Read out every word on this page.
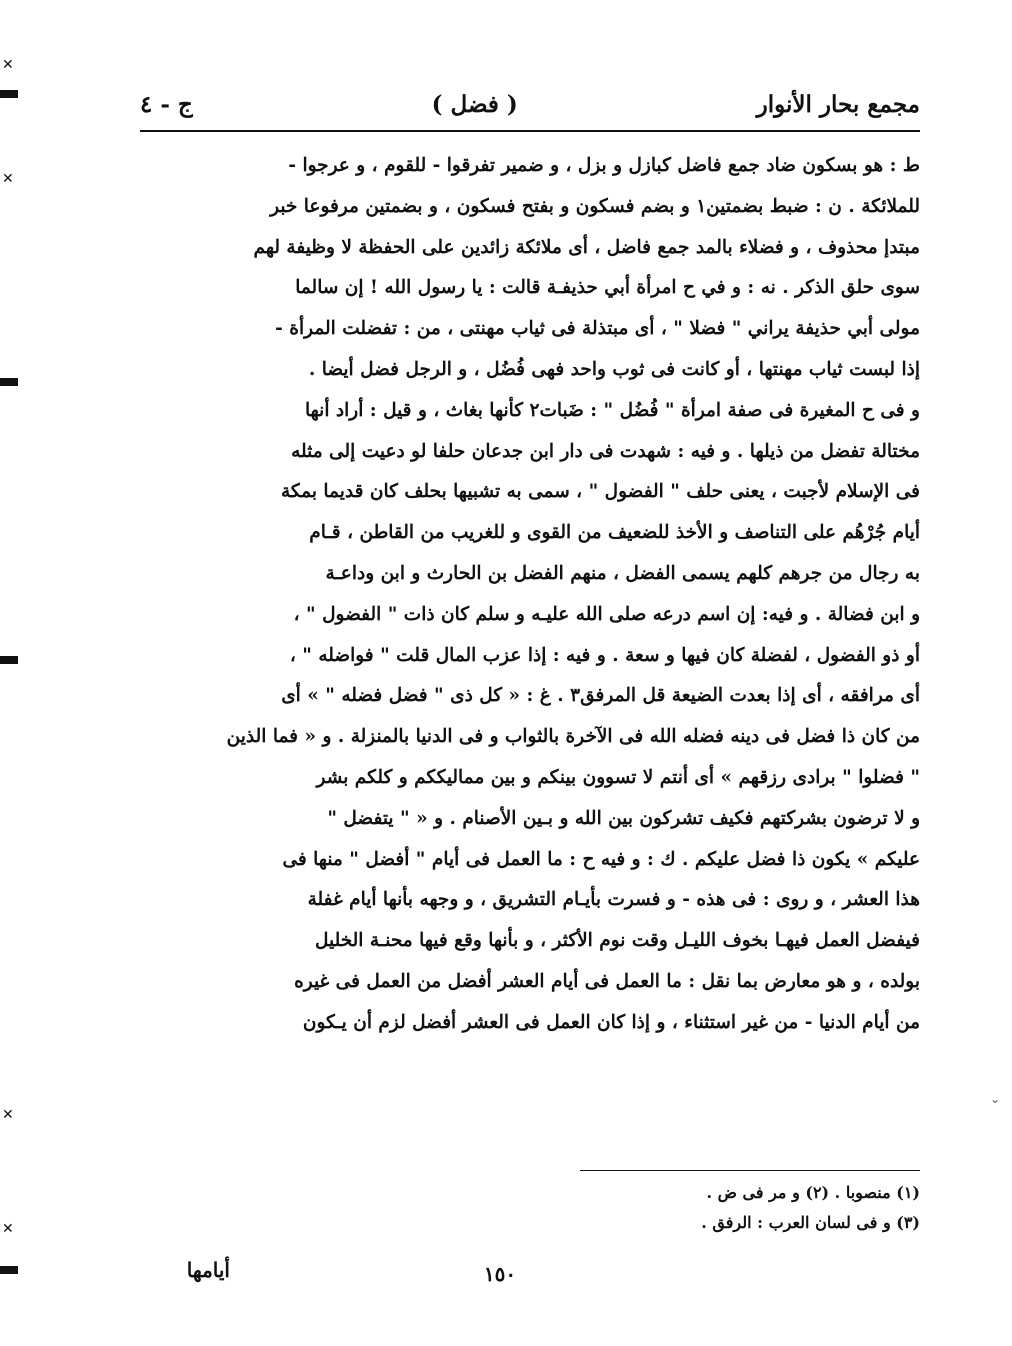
✕
✕
✕
✕
⌄
مجمع بحار الأنوار
( فضل )
ج - ٤
ط : هو بسكون ضاد جمع فاضل كبازل و بزل ، و ضمير تفرقوا - للقوم ، و عرجوا -
للملائكة . ن : ضبط بضمتين١ و بضم فسكون و بفتح فسكون ، و بضمتين مرفوعا خبر
مبتدإ محذوف ، و فضلاء بالمد جمع فاضل ، أى ملائكة زائدين على الحفظة لا وظيفة لهم
سوى حلق الذكر . نه : و في ح امرأة أبي حذيفـة قالت : يا رسول الله ! إن سالما
مولى أبي حذيفة يراني " فضلا " ، أى مبتذلة فى ثياب مهنتى ، من : تفضلت المرأة -
إذا لبست ثياب مهنتها ، أو كانت فى ثوب واحد فهى فُضُل ، و الرجل فضل أيضا .
و فى ح المغيرة فى صفة امرأة " فُضُل " : ضَبات٢ كأنها بغاث ، و قيل : أراد أنها
مختالة تفضل من ذيلها . و فيه : شهدت فى دار ابن جدعان حلفا لو دعيت إلى مثله
فى الإسلام لأجبت ، يعنى حلف " الفضول " ، سمى به تشبيها بحلف كان قديما بمكة
أيام جُرْهُم على التناصف و الأخذ للضعيف من القوى و للغريب من القاطن ، قـام
به رجال من جرهم كلهم يسمى الفضل ، منهم الفضل بن الحارث و ابن وداعـة
و ابن فضالة . و فيه: إن اسم درعه صلى الله عليـه و سلم كان ذات " الفضول " ،
أو ذو الفضول ، لفضلة كان فيها و سعة . و فيه : إذا عزب المال قلت " فواضله " ،
أى مرافقه ، أى إذا بعدت الضيعة قل المرفق٣ . غ : « كل ذى " فضل فضله " » أى
من كان ذا فضل فى دينه فضله الله فى الآخرة بالثواب و فى الدنيا بالمنزلة . و « فما الذين
" فضلوا " برادى رزقهم » أى أنتم لا تسوون بينكم و بين مماليككم و كلكم بشر
و لا ترضون بشركتهم فكيف تشركون بين الله و بـين الأصنام . و « " يتفضل "
عليكم » يكون ذا فضل عليكم . ك : و فيه ح : ما العمل فى أيام " أفضل " منها فى
هذا العشر ، و روى : فى هذه - و فسرت بأيـام التشريق ، و وجهه بأنها أيام غفلة
فيفضل العمل فيهـا بخوف الليـل وقت نوم الأكثر ، و بأنها وقع فيها محنـة الخليل
بولده ، و هو معارض بما نقل : ما العمل فى أيام العشر أفضل من العمل فى غيره
من أيام الدنيا - من غير استثناء ، و إذا كان العمل فى العشر أفضل لزم أن يـكون
(١) منصوبا . (٢) و مر فى ض .
(٣) و فى لسان العرب : الرفق .
أيامها	١٥٠
